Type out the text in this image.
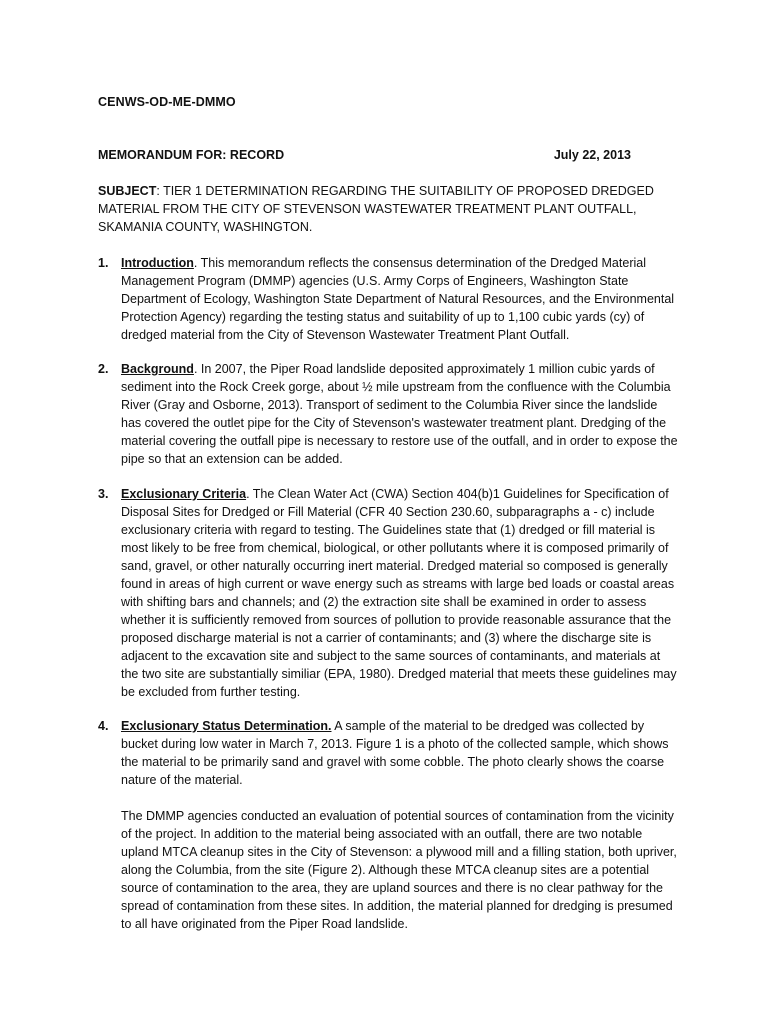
CENWS-OD-ME-DMMO
MEMORANDUM FOR: RECORD	July 22, 2013
SUBJECT: TIER 1 DETERMINATION REGARDING THE SUITABILITY OF PROPOSED DREDGED MATERIAL FROM THE CITY OF STEVENSON WASTEWATER TREATMENT PLANT OUTFALL, SKAMANIA COUNTY, WASHINGTON.
1. Introduction. This memorandum reflects the consensus determination of the Dredged Material Management Program (DMMP) agencies (U.S. Army Corps of Engineers, Washington State Department of Ecology, Washington State Department of Natural Resources, and the Environmental Protection Agency) regarding the testing status and suitability of up to 1,100 cubic yards (cy) of dredged material from the City of Stevenson Wastewater Treatment Plant Outfall.
2. Background. In 2007, the Piper Road landslide deposited approximately 1 million cubic yards of sediment into the Rock Creek gorge, about ½ mile upstream from the confluence with the Columbia River (Gray and Osborne, 2013). Transport of sediment to the Columbia River since the landslide has covered the outlet pipe for the City of Stevenson's wastewater treatment plant. Dredging of the material covering the outfall pipe is necessary to restore use of the outfall, and in order to expose the pipe so that an extension can be added.
3. Exclusionary Criteria. The Clean Water Act (CWA) Section 404(b)1 Guidelines for Specification of Disposal Sites for Dredged or Fill Material (CFR 40 Section 230.60, subparagraphs a - c) include exclusionary criteria with regard to testing. The Guidelines state that (1) dredged or fill material is most likely to be free from chemical, biological, or other pollutants where it is composed primarily of sand, gravel, or other naturally occurring inert material. Dredged material so composed is generally found in areas of high current or wave energy such as streams with large bed loads or coastal areas with shifting bars and channels; and (2) the extraction site shall be examined in order to assess whether it is sufficiently removed from sources of pollution to provide reasonable assurance that the proposed discharge material is not a carrier of contaminants; and (3) where the discharge site is adjacent to the excavation site and subject to the same sources of contaminants, and materials at the two site are substantially similiar (EPA, 1980). Dredged material that meets these guidelines may be excluded from further testing.
4. Exclusionary Status Determination. A sample of the material to be dredged was collected by bucket during low water in March 7, 2013. Figure 1 is a photo of the collected sample, which shows the material to be primarily sand and gravel with some cobble. The photo clearly shows the coarse nature of the material.
The DMMP agencies conducted an evaluation of potential sources of contamination from the vicinity of the project. In addition to the material being associated with an outfall, there are two notable upland MTCA cleanup sites in the City of Stevenson: a plywood mill and a filling station, both upriver, along the Columbia, from the site (Figure 2). Although these MTCA cleanup sites are a potential source of contamination to the area, they are upland sources and there is no clear pathway for the spread of contamination from these sites. In addition, the material planned for dredging is presumed to all have originated from the Piper Road landslide.
